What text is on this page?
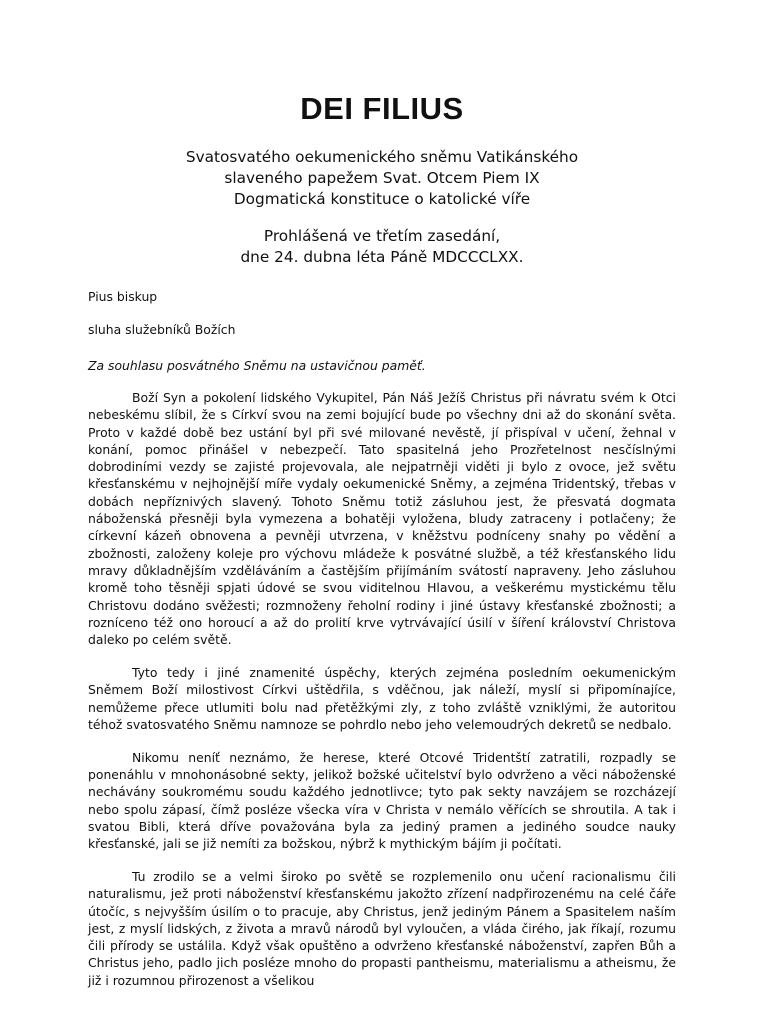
DEI FILIUS

Svatosvatého oekumenického sněmu Vatikánského

slaveného papežem Svat. Otcem Piem IX

Dogmatická konstituce o katolické víře

Prohlášená ve třetím zasedání,

dne 24. dubna léta Páně MDCCCLXX.

Pius biskup

sluha služebníků Božích

Za souhlasu posvátného Sněmu na ustavičnou paměť.

Boží Syn a pokolení lidského Vykupitel, Pán Náš Ježíš Christus při návratu svém k Otci nebeskému slíbil, že s Církví svou na zemi bojující bude po všechny dni až do skonání světa. Proto v každé době bez ustání byl při své milované nevěstě, jí přispíval v učení, žehnal v konání, pomoc přinášel v nebezpečí. Tato spasitelná jeho Prozřetelnost nesčíslnými dobrodiními vezdy se zajisté projevovala, ale nejpatrněji viděti ji bylo z ovoce, jež světu křesťanskému v nejhojnější míře vydaly oekumenické Sněmy, a zejména Tridentský, třebas v dobách nepříznivých slavený. Tohoto Sněmu totiž zásluhou jest, že přesvatá dogmata náboženská přesněji byla vymezena a bohatěji vyložena, bludy zatraceny i potlačeny; že církevní kázeň obnovena a pevněji utvrzena, v kněžstvu podníceny snahy po vědění a zbožnosti, založeny koleje pro výchovu mládeže k posvátné službě, a též křesťanského lidu mravy důkladnějším vzděláváním a častějším přijímáním svátostí napraveny. Jeho zásluhou kromě toho těsněji spjati údové se svou viditelnou Hlavou, a veškerému mystickému tělu Christovu dodáno svěžesti; rozmnoženy řeholní rodiny i jiné ústavy křesťanské zbožnosti; a rozníceno též ono horoucí a až do prolití krve vytrvávající úsilí v šíření království Christova daleko po celém světě.

Tyto tedy i jiné znamenité úspěchy, kterých zejména posledním oekumenickým Sněmem Boží milostivost Církvi uštědřila, s vděčnou, jak náleží, myslí si připomínajíce, nemůžeme přece utlumiti bolu nad přetěžkými zly, z toho zvláště vzniklými, že autoritou téhož svatosvatého Sněmu namnoze se pohrdlo nebo jeho velemoudrých dekretů se nedbalo.

Nikomu neníť neznámo, že herese, které Otcové Tridentští zatratili, rozpadly se ponenáhlu v mnohonásobné sekty, jelikož božské učitelství bylo odvrženo a věci náboženské nechávány soukromému soudu každého jednotlivce; tyto pak sekty navzájem se rozcházejí nebo spolu zápasí, čímž posléze všecka víra v Christa v nemálo věřících se shroutila. A tak i svatou Bibli, která dříve považována byla za jediný pramen a jediného soudce nauky křesťanské, jali se již nemíti za božskou, nýbrž k mythickým bájím ji počítati.

Tu zrodilo se a velmi široko po světě se rozplemenilo onu učení racionalismu čili naturalismu, jež proti náboženství křesťanskému jakožto zřízení nadpřirozenému na celé čáře útočíc, s nejvyšším úsilím o to pracuje, aby Christus, jenž jediným Pánem a Spasitelem naším jest, z myslí lidských, z života a mravů národů byl vyloučen, a vláda čirého, jak říkají, rozumu čili přírody se ustálila. Když však opuštěno a odvrženo křesťanské náboženství, zapřen Bůh a Christus jeho, padlo jich posléze mnoho do propasti pantheismu, materialismu a atheismu, že již i rozumnou přirozenost a všelikou
